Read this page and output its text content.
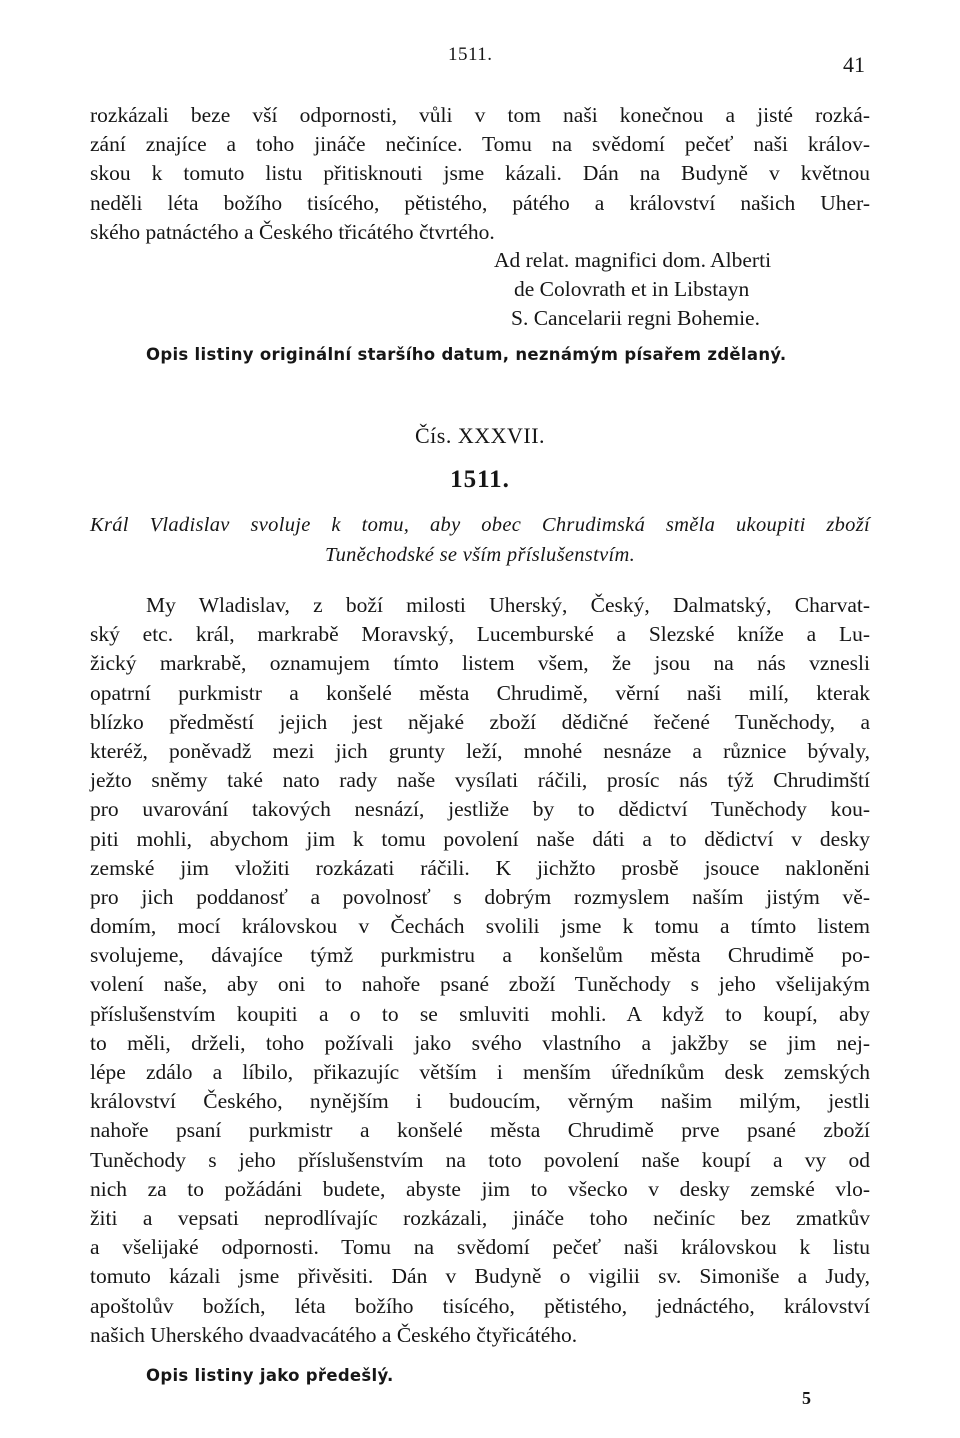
1511.	41
rozkázali beze vší odpornosti, vůli v tom naši konečnou a jisté rozká-
zání znajíce a toho jináče nečiníce. Tomu na svědomí pečeť naši králov-
skou k tomuto listu přitisknouti jsme kázali. Dán na Budyně v květnou
neděli léta božího tisícého, pětistého, pátého a království našich Uher-
ského patnáctého a Českého třicátého čtvrtého.
Ad relat. magnifici dom. Alberti
de Colovrath et in Libstayn
S. Cancelarii regni Bohemie.
Opis listiny originální staršího datum, neznámým písařem zdělaný.
Čís. XXXVII.
1511.
Král Vladislav svoluje k tomu, aby obec Chrudimská směla ukoupiti zboží
Tuněchodské se vším příslušenstvím.
My Wladislav, z boží milosti Uherský, Český, Dalmatský, Charvat-
ský etc. král, markrabě Moravský, Lucemburské a Slezské kníže a Lu-
žický markrabě, oznamujem tímto listem všem, že jsou na nás vznesli
opatrní purkmistr a konšelé města Chrudimě, věrní naši milí, kterak
blízko předměstí jejich jest nějaké zboží dědičné řečené Tuněchody, a
kteréž, poněvadž mezi jich grunty leží, mnohé nesnáze a různice bývaly,
ježto sněmy také nato rady naše vysílati ráčili, prosíc nás týž Chrudimští
pro uvarování takových nesnází, jestliže by to dědictví Tuněchody kou-
piti mohli, abychom jim k tomu povolení naše dáti a to dědictví v desky
zemské jim vložiti rozkázati ráčili. K jichžto prosbě jsouce nakloněni
pro jich poddanosť a povolnosť s dobrým rozmyslem naším jistým vě-
domím, mocí královskou v Čechách svolili jsme k tomu a tímto listem
svolujeme, dávajíce týmž purkmistru a konšelům města Chrudimě po-
volení naše, aby oni to nahoře psané zboží Tuněchody s jeho všelijakým
příslušenstvím koupiti a o to se smluviti mohli. A když to koupí, aby
to měli, drželi, toho požívali jako svého vlastního a jakžby se jim nej-
lépe zdálo a líbilo, přikazujíc větším i menším úředníkům desk zemských
království Českého, nynějším i budoucím, věrným našim milým, jestli
nahoře psaní purkmistr a konšelé města Chrudimě prve psané zboží
Tuněchody s jeho příslušenstvím na toto povolení naše koupí a vy od
nich za to požádáni budete, abyste jim to všecko v desky zemské vlo-
žiti a vepsati neprodlívajíc rozkázali, jináče toho nečiníc bez zmatkův
a všelijaké odpornosti. Tomu na svědomí pečeť naši královskou k listu
tomuto kázali jsme přivěsiti. Dán v Budyně o vigilii sv. Simoniše a Judy,
apoštolův božích, léta božího tisícého, pětistého, jednáctého, království
našich Uherského dvaadvacátého a Českého čtyřicátého.
Opis listiny jako předešlý.
5
